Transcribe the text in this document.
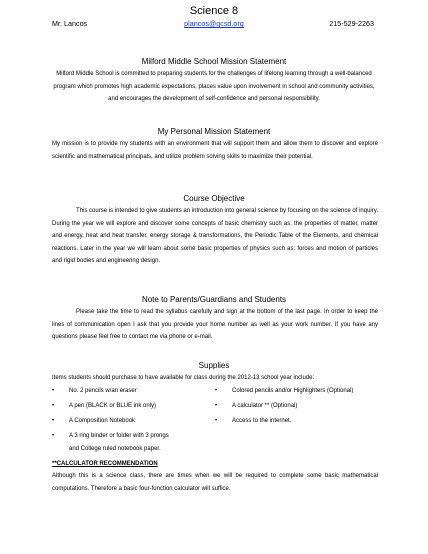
Science 8
Mr. Lancos	plancos@gcsd.org	215-529-2263
Milford Middle School Mission Statement
Milford Middle School is committed to preparing students for the challenges of lifelong learning through a well-balanced program which promotes high academic expectations, places value upon involvement in school and community activities, and encourages the development of self-confidence and personal responsibility.
My Personal Mission Statement
My mission is to provide my students with an environment that will support them and allow them to discover and explore scientific and mathematical principals, and utilize problem solving skills to maximize their potential.
Course Objective
This course is intended to give students an introduction into general science by focusing on the science of inquiry. During the year we will explore and discover some concepts of basic chemistry such as: the properties of matter, matter and energy, heat and heat transfer, energy storage & transformations, the Periodic Table of the Elements, and chemical reactions. Later in the year we will learn about some basic properties of physics such as: forces and motion of particles and rigid bodies and engineering design.
Note to Parents/Guardians and Students
Please take the time to read the syllabus carefully and sign at the bottom of the last page. In order to keep the lines of communication open I ask that you provide your home number as well as your work number. If you have any questions please feel free to contact me via phone or e-mail.
Supplies
Items students should purchase to have available for class during the 2012-13 school year include:
• No. 2 pencils w/an eraser
• A pen (BLACK or BLUE ink only)
• A Composition Notebook
• A 3 ring binder or folder with 3 prongs and College ruled notebook paper.
• Colored pencils and/or Highlighters (Optional)
• A calculator ** (Optional)
• Access to the internet.
**CALCULATOR RECOMMENDATION
Although this is a science class, there are times when we will be required to complete some basic mathematical computations. Therefore a basic four-function calculator will suffice.
